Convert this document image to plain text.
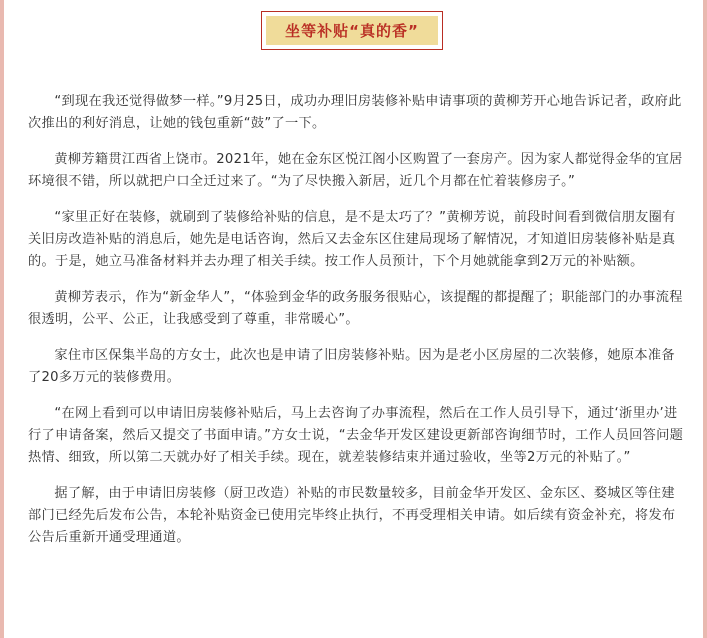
坐等补贴“真的香”

“到现在我还觉得做梦一样。”9月25日，成功办理旧房装修补贴申请事项的黄柳芳开心地告诉记者，政府此次推出的利好消息，让她的钱包重新“鼓”了一下。

黄柳芳籍贯江西省上饶市。2021年，她在金东区悦江阁小区购置了一套房产。因为家人都觉得金华的宜居环境很不错，所以就把户口全迁过来了。“为了尽快搬入新居，近几个月都在忙着装修房子。”

“家里正好在装修，就刷到了装修给补贴的信息，是不是太巧了？”黄柳芳说，前段时间看到微信朋友圈有关旧房改造补贴的消息后，她先是电话咨询，然后又去金东区住建局现场了解情况，才知道旧房装修补贴是真的。于是，她立马准备材料并去办理了相关手续。按工作人员预计，下个月她就能拿到2万元的补贴额。

黄柳芳表示，作为“新金华人”，“体验到金华的政务服务很贴心，该提醒的都提醒了；职能部门的办事流程很透明，公平、公正，让我感受到了尊重，非常暖心”。

家住市区保集半岛的方女士，此次也是申请了旧房装修补贴。因为是老小区房屋的二次装修，她原本准备了20多万元的装修费用。

“在网上看到可以申请旧房装修补贴后，马上去咨询了办事流程，然后在工作人员引导下，通过‘浙里办’进行了申请备案，然后又提交了书面申请。”方女士说，“去金华开发区建设更新部咨询细节时，工作人员回答问题热情、细致，所以第二天就办好了相关手续。现在，就差装修结束并通过验收，坐等2万元的补贴了。”

据了解，由于申请旧房装修（厨卫改造）补贴的市民数量较多，目前金华开发区、金东区、婺城区等住建部门已经先后发布公告，本轮补贴资金已使用完毕终止执行，不再受理相关申请。如后续有资金补充，将发布公告后重新开通受理通道。
